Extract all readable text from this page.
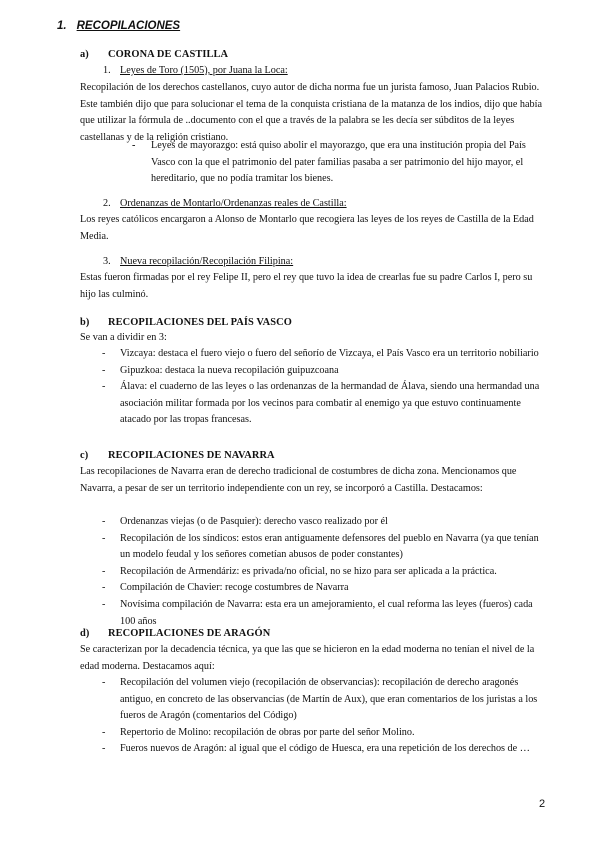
1. RECOPILACIONES
a) CORONA DE CASTILLA
1. Leyes de Toro (1505), por Juana la Loca:
Recopilación de los derechos castellanos, cuyo autor de dicha norma fue un jurista famoso, Juan Palacios Rubio. Este también dijo que para solucionar el tema de la conquista cristiana de la matanza de los indios, dijo que había que utilizar la fórmula de ..documento con el que a través de la palabra se les decía ser súbditos de la leyes castellanas y de la religión cristiano.
- Leyes de mayorazgo: está quiso abolir el mayorazgo, que era una institución propia del País Vasco con la que el patrimonio del pater familias pasaba a ser patrimonio del hijo mayor, el hereditario, que no podía tramitar los bienes.
2. Ordenanzas de Montarlo/Ordenanzas reales de Castilla:
Los reyes católicos encargaron a Alonso de Montarlo que recogiera las leyes de los reyes de Castilla de la Edad Media.
3. Nueva recopilación/Recopilación Filipina:
Estas fueron firmadas por el rey Felipe II, pero el rey que tuvo la idea de crearlas fue su padre Carlos I, pero su hijo las culminó.
b) RECOPILACIONES DEL PAÍS VASCO
Se van a dividir en 3:
- Vizcaya: destaca el fuero viejo o fuero del señorío de Vizcaya, el País Vasco era un territorio nobiliario
- Gipuzkoa: destaca la nueva recopilación guipuzcoana
- Álava: el cuaderno de las leyes o las ordenanzas de la hermandad de Álava, siendo una hermandad una asociación militar formada por los vecinos para combatir al enemigo ya que estuvo continuamente atacado por las tropas francesas.
c) RECOPILACIONES DE NAVARRA
Las recopilaciones de Navarra eran de derecho tradicional de costumbres de dicha zona. Mencionamos que Navarra, a pesar de ser un territorio independiente con un rey, se incorporó a Castilla. Destacamos:
- Ordenanzas viejas (o de Pasquier): derecho vasco realizado por él
- Recopilación de los síndicos: estos eran antiguamente defensores del pueblo en Navarra (ya que tenían un modelo feudal y los señores cometían abusos de poder constantes)
- Recopilación de Armendáriz: es privada/no oficial, no se hizo para ser aplicada a la práctica.
- Compilación de Chavier: recoge costumbres de Navarra
- Novísima compilación de Navarra: esta era un amejoramiento, el cual reforma las leyes (fueros) cada 100 años
d) RECOPILACIONES DE ARAGÓN
Se caracterizan por la decadencia técnica, ya que las que se hicieron en la edad moderna no tenían el nivel de la edad moderna. Destacamos aquí:
- Recopilación del volumen viejo (recopilación de observancias): recopilación de derecho aragonés antiguo, en concreto de las observancias (de Martín de Aux), que eran comentarios de los juristas a los fueros de Aragón (comentarios del Código)
- Repertorio de Molino: recopilación de obras por parte del señor Molino.
- Fueros nuevos de Aragón: al igual que el código de Huesca, era una repetición de los derechos de …
2
